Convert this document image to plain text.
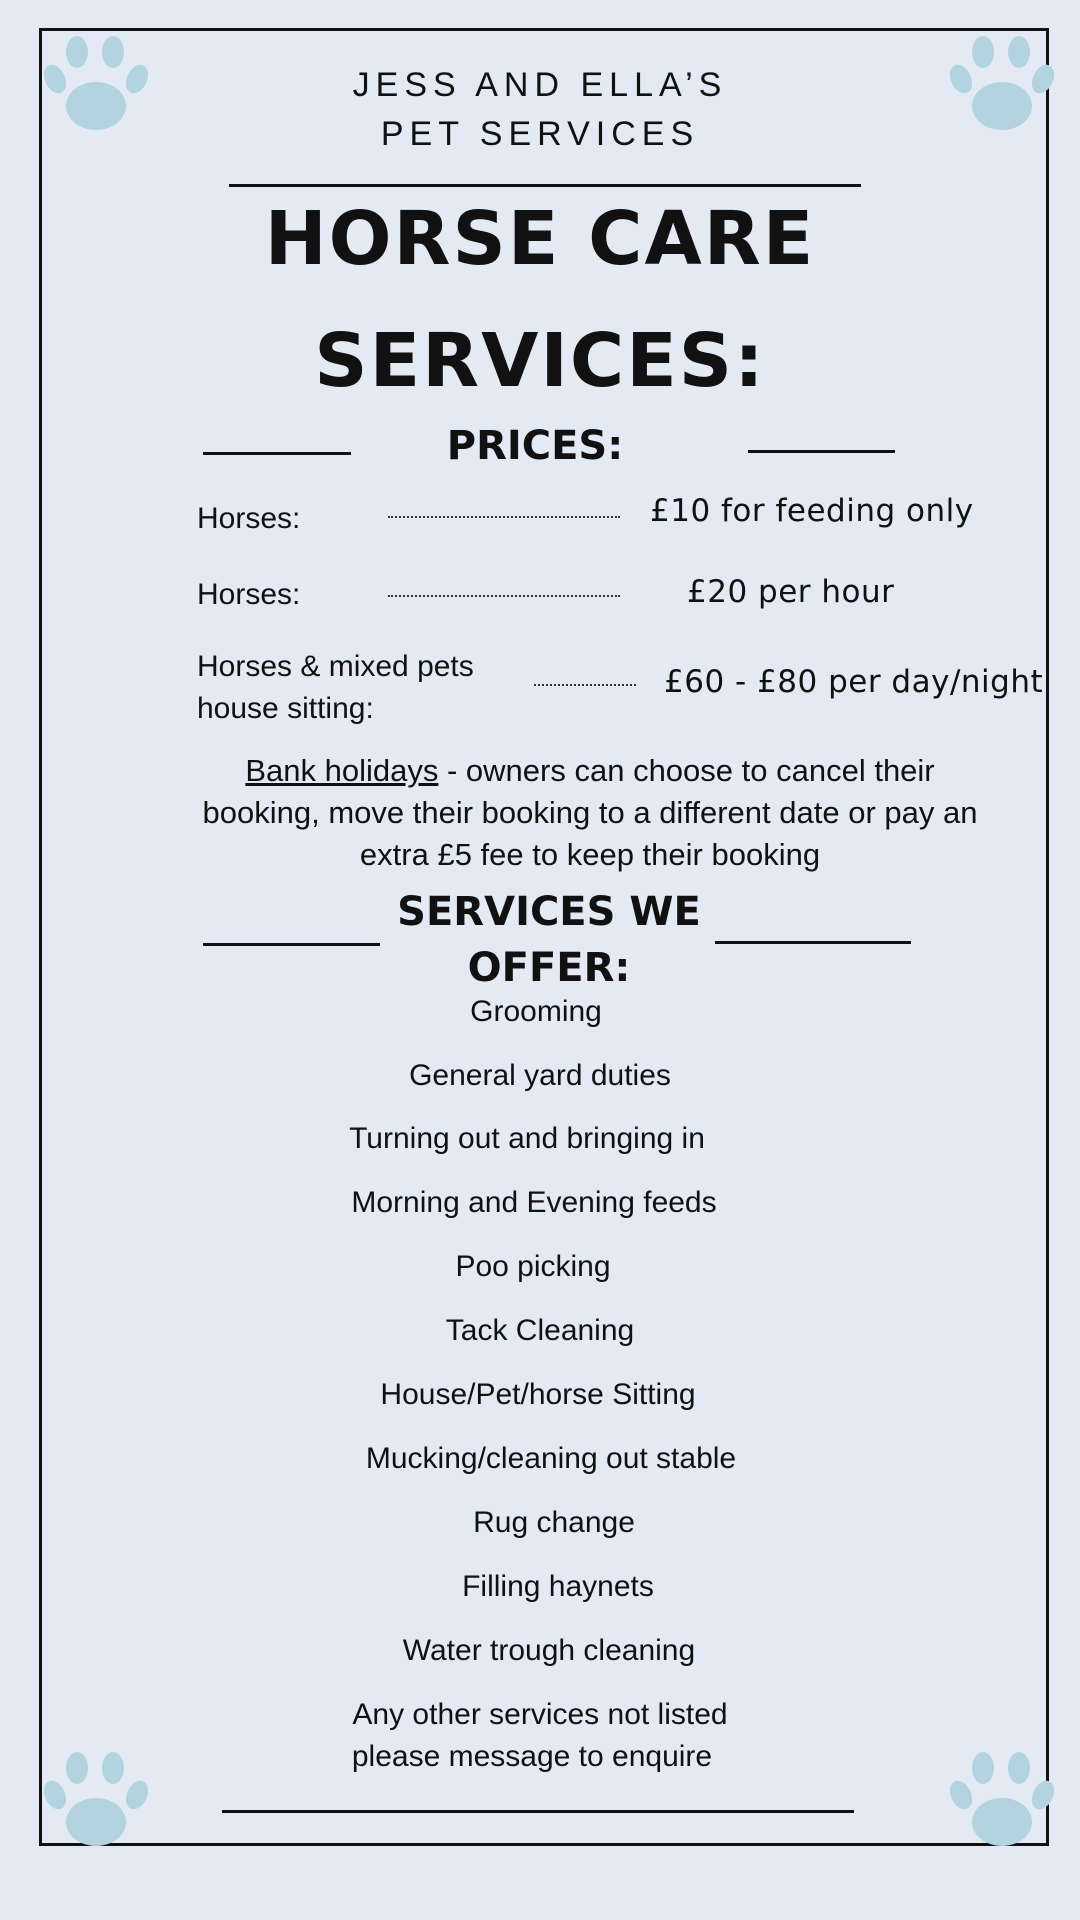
JESS AND ELLA’S
PET SERVICES
HORSE CARE
SERVICES:
PRICES:
Horses:	£10 for feeding only
Horses:	£20 per hour
Horses & mixed pets
house sitting:
£60 - £80 per day/night
Bank holidays - owners can choose to cancel their
booking, move their booking to a different date or pay an
extra £5 fee to keep their booking
SERVICES WE
OFFER:
Grooming
General yard duties
Turning out and bringing in
Morning and Evening feeds
Poo picking
Tack Cleaning
House/Pet/horse Sitting
Mucking/cleaning out stable
Rug change
Filling haynets
Water trough cleaning
Any other services not listed
please message to enquire
